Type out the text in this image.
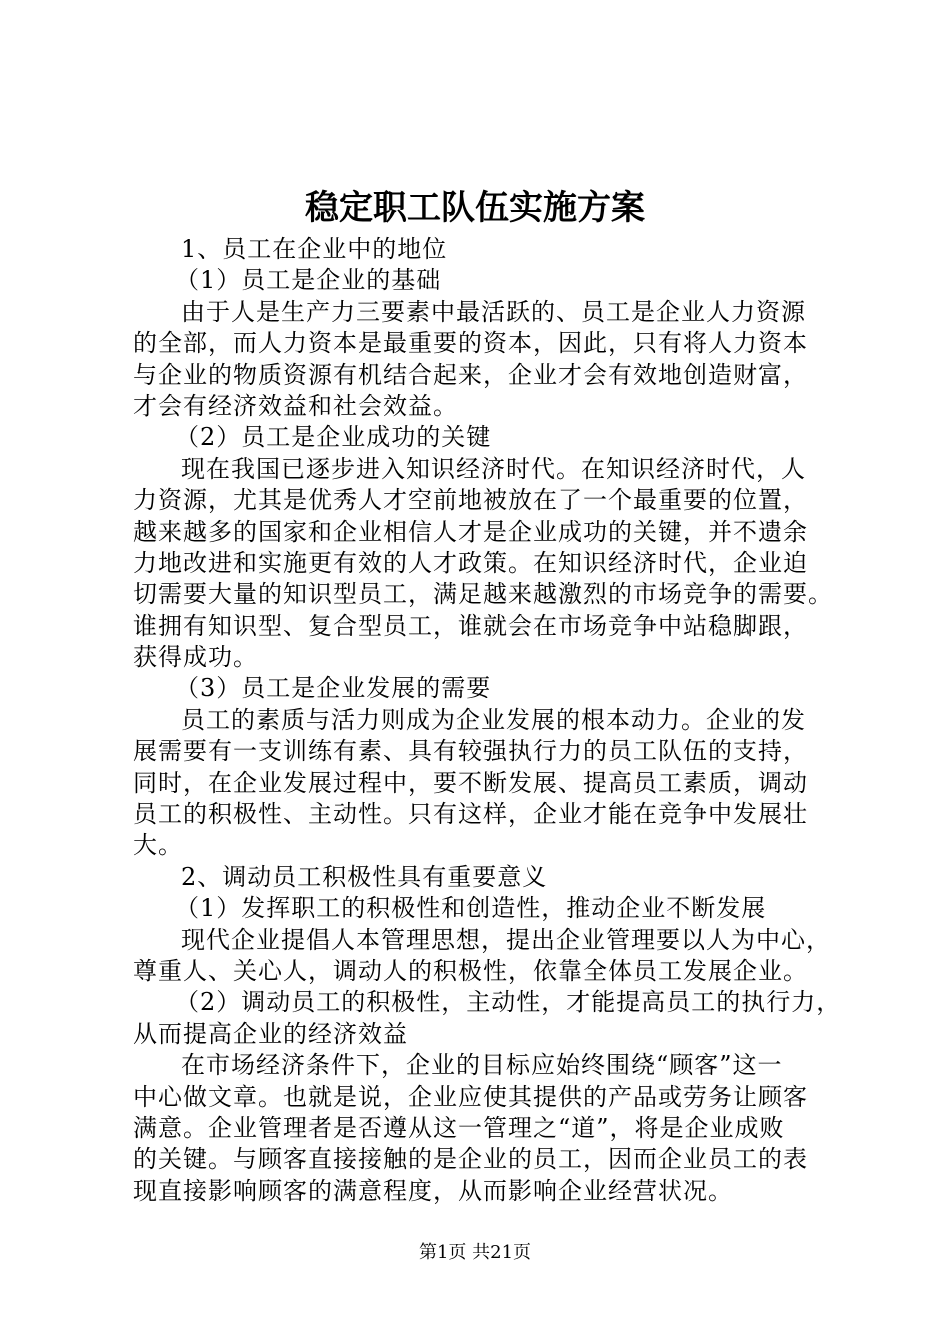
稳定职工队伍实施方案
1、员工在企业中的地位
（1）员工是企业的基础
由于人是生产力三要素中最活跃的、员工是企业人力资源
的全部，而人力资本是最重要的资本，因此，只有将人力资本
与企业的物质资源有机结合起来，企业才会有效地创造财富，
才会有经济效益和社会效益。
（2）员工是企业成功的关键
现在我国已逐步进入知识经济时代。在知识经济时代，人
力资源，尤其是优秀人才空前地被放在了一个最重要的位置，
越来越多的国家和企业相信人才是企业成功的关键，并不遗余
力地改进和实施更有效的人才政策。在知识经济时代，企业迫
切需要大量的知识型员工，满足越来越激烈的市场竞争的需要。
谁拥有知识型、复合型员工，谁就会在市场竞争中站稳脚跟，
获得成功。
（3）员工是企业发展的需要
员工的素质与活力则成为企业发展的根本动力。企业的发
展需要有一支训练有素、具有较强执行力的员工队伍的支持，
同时，在企业发展过程中，要不断发展、提高员工素质，调动
员工的积极性、主动性。只有这样，企业才能在竞争中发展壮
大。
2、调动员工积极性具有重要意义
（1）发挥职工的积极性和创造性，推动企业不断发展
现代企业提倡人本管理思想，提出企业管理要以人为中心，
尊重人、关心人，调动人的积极性，依靠全体员工发展企业。
（2）调动员工的积极性，主动性，才能提高员工的执行力，
从而提高企业的经济效益
在市场经济条件下，企业的目标应始终围绕“顾客”这一
中心做文章。也就是说，企业应使其提供的产品或劳务让顾客
满意。企业管理者是否遵从这一管理之“道”，将是企业成败
的关键。与顾客直接接触的是企业的员工，因而企业员工的表
现直接影响顾客的满意程度，从而影响企业经营状况。
第1页 共21页
